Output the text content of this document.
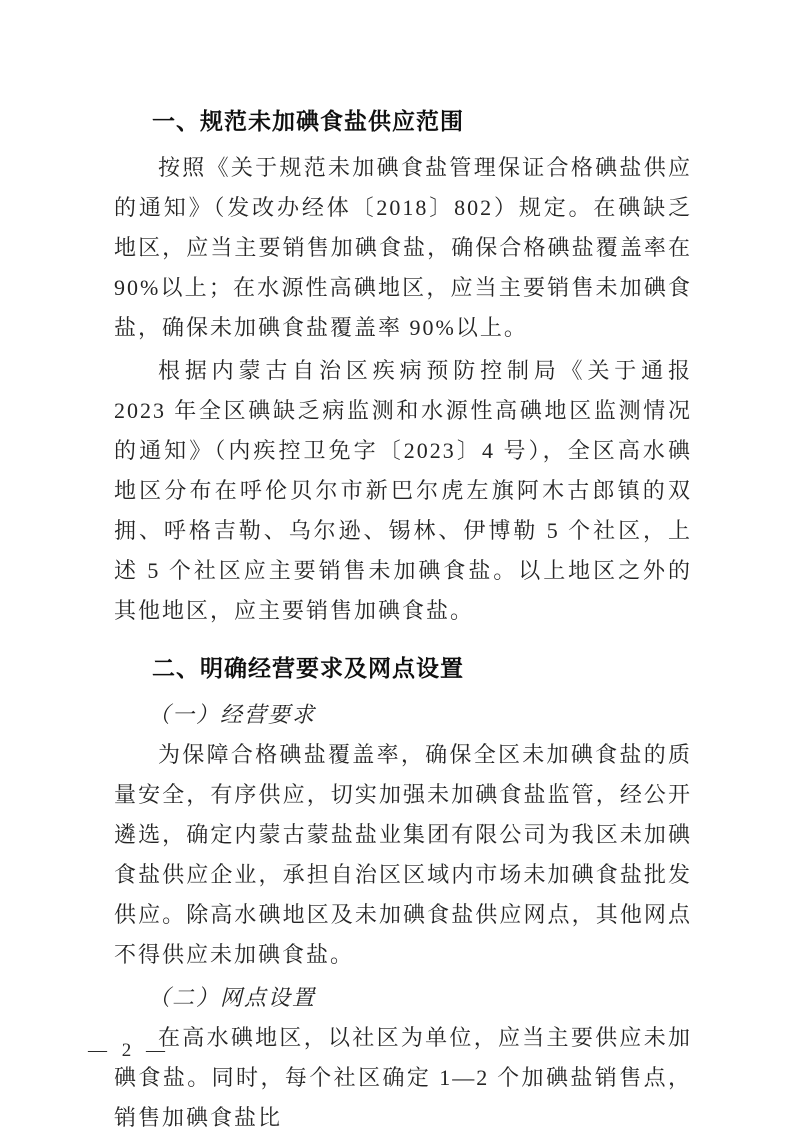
一、规范未加碘食盐供应范围

按照《关于规范未加碘食盐管理保证合格碘盐供应的通知》（发改办经体〔2018〕802）规定。在碘缺乏地区，应当主要销售加碘食盐，确保合格碘盐覆盖率在 90%以上；在水源性高碘地区，应当主要销售未加碘食盐，确保未加碘食盐覆盖率 90%以上。

根据内蒙古自治区疾病预防控制局《关于通报 2023 年全区碘缺乏病监测和水源性高碘地区监测情况的通知》（内疾控卫免字〔2023〕4 号），全区高水碘地区分布在呼伦贝尔市新巴尔虎左旗阿木古郎镇的双拥、呼格吉勒、乌尔逊、锡林、伊博勒 5 个社区，上述 5 个社区应主要销售未加碘食盐。以上地区之外的其他地区，应主要销售加碘食盐。

二、明确经营要求及网点设置
（一）经营要求

为保障合格碘盐覆盖率，确保全区未加碘食盐的质量安全，有序供应，切实加强未加碘食盐监管，经公开遴选，确定内蒙古蒙盐盐业集团有限公司为我区未加碘食盐供应企业，承担自治区区域内市场未加碘食盐批发供应。除高水碘地区及未加碘食盐供应网点，其他网点不得供应未加碘食盐。

（二）网点设置

在高水碘地区，以社区为单位，应当主要供应未加碘食盐。同时，每个社区确定 1—2 个加碘盐销售点，销售加碘食盐比

— 2 —
